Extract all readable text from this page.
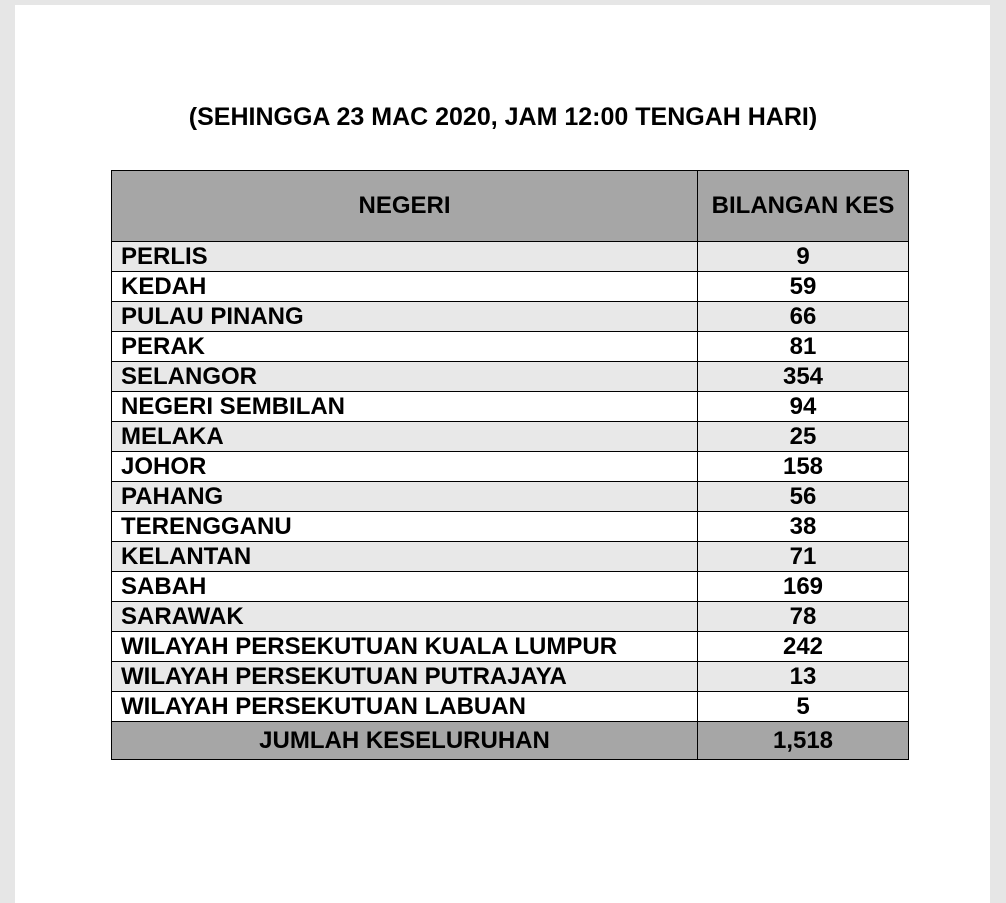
(SEHINGGA 23 MAC 2020, JAM 12:00 TENGAH HARI)
NEGERI	BILANGAN KES
PERLIS	9
KEDAH	59
PULAU PINANG	66
PERAK	81
SELANGOR	354
NEGERI SEMBILAN	94
MELAKA	25
JOHOR	158
PAHANG	56
TERENGGANU	38
KELANTAN	71
SABAH	169
SARAWAK	78
WILAYAH PERSEKUTUAN KUALA LUMPUR	242
WILAYAH PERSEKUTUAN PUTRAJAYA	13
WILAYAH PERSEKUTUAN LABUAN	5
JUMLAH KESELURUHAN	1,518
